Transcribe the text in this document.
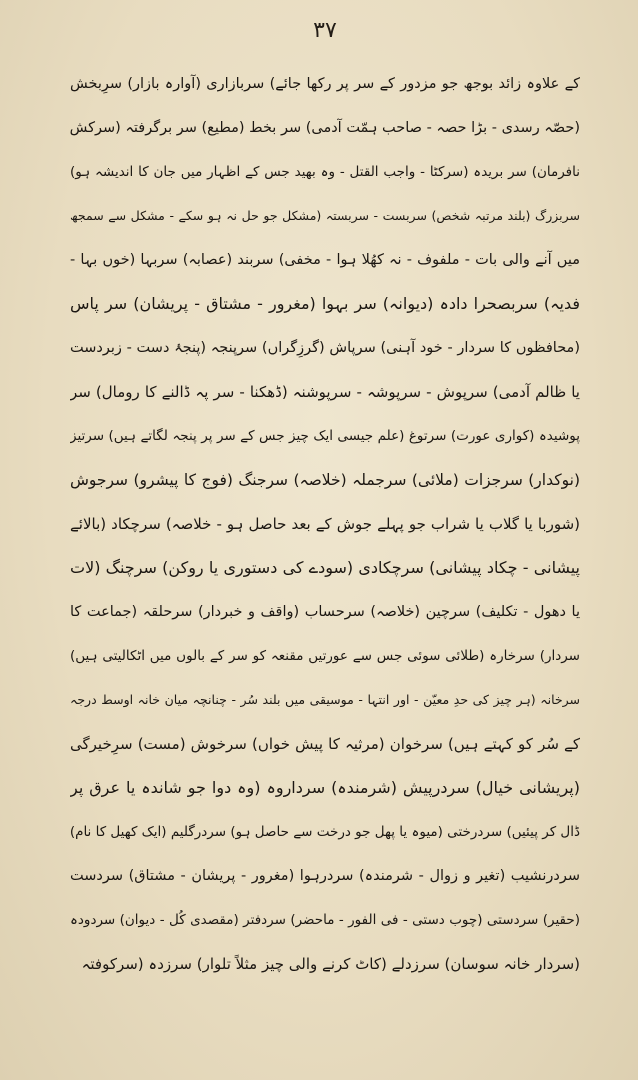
۳۷
کے علاوہ زائد بوجھ جو مزدور کے سر پر رکھا جائے) سربازاری (آوارہ بازار) سرِبخش
(حصّہ رسدی - بڑا حصہ - صاحب ہمّت آدمی) سر بخط (مطیع) سر برگرفتہ (سرکش
نافرمان) سر بریدہ (سرکٹا - واجب القتل - وہ بھید جس کے اظہار میں جان کا اندیشہ ہو)
سربزرگ (بلند مرتبہ شخص) سربست - سربستہ (مشکل جو حل نہ ہو سکے - مشکل سے سمجھ
میں آنے والی بات - ملفوف - نہ کھُلا ہوا - مخفی) سربند (عصابہ) سربہا (خوں بہا -
فدیہ) سربصحرا دادہ (دیوانہ) سر بہوا (مغرور - مشتاق - پریشان) سر پاس
(محافظوں کا سردار - خود آہنی) سرپاش (گرزِگراں) سرپنجہ (پنجۂ دست - زبردست
یا ظالم آدمی) سرپوش - سرپوشہ - سرپوشنہ (ڈھکنا - سر پہ ڈالنے کا رومال) سر
پوشیدہ (کواری عورت) سرتوغ (علم جیسی ایک چیز جس کے سر پر پنجہ لگاتے ہیں) سرتیز
(نوکدار) سرجزات (ملائی) سرجملہ (خلاصہ) سرجنگ (فوج کا پیشرو) سرجوش
(شوربا یا گلاب یا شراب جو پہلے جوش کے بعد حاصل ہو - خلاصہ) سرچکاد (بالائے
پیشانی - چکاد پیشانی) سرچکادی (سودے کی دستوری یا روکن) سرچنگ (لات
یا دھول - تکلیف) سرچین (خلاصہ) سرحساب (واقف و خبردار) سرحلقہ (جماعت کا
سردار) سرخارہ (طلائی سوئی جس سے عورتیں مقنعہ کو سر کے بالوں میں اٹکالیتی ہیں)
سرخانہ (ہر چیز کی حدِ معیّن - اور انتہا - موسیقی میں بلند سُر - چنانچہ میان خانہ اوسط درجہ
کے سُر کو کہتے ہیں) سرخوان (مرثیہ کا پیش خواں) سرخوش (مست) سرِخیرگی
(پریشانی خیال) سردرپیش (شرمندہ) سرداروہ (وہ دوا جو شاندہ یا عرق پر
ڈال کر پیئیں) سردرختی (میوہ یا پھل جو درخت سے حاصل ہو) سردرگلیم (ایک کھیل کا نام)
سردرنشیب (تغیر و زوال - شرمندہ) سردرہوا (مغرور - پریشان - مشتاق) سردست
(حقیر) سردستی (چوب دستی - فی الفور - ماحضر) سردفتر (مقصدی کُل - دیوان) سردودہ
(سردار خانہ سوسان) سرزدلے (کاٹ کرنے والی چیز مثلاً تلوار) سرزدہ (سرکوفتہ
